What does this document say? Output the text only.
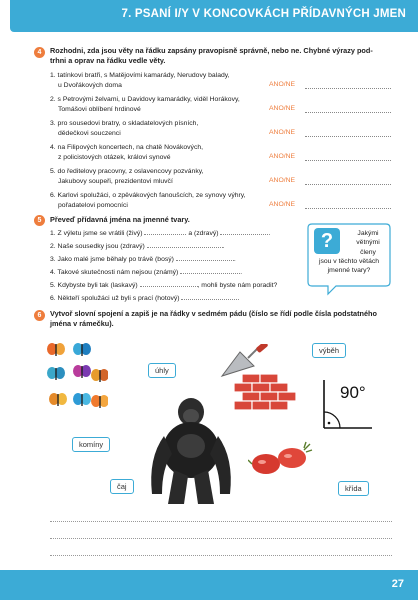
7. PSANÍ I/Y V KONCOVKÁCH PŘÍDAVNÝCH JMEN
4	Rozhodni, zda jsou věty na řádku zapsány pravopisně správně, nebo ne. Chybné výrazy pod-
trhni a oprav na řádku vedle věty.
1. tatínkovi bratři, s Matějovími kamarády, Nerudovy balady,
u Dvořákových doma	ANO/NE
2. s Petrovými želvami, u Davidovy kamarádky, viděl Horákovy,
Tomášovi oblíbení hrdinové	ANO/NE
3. pro sousedovi bratry, o skladatelových písních,
dědečkovi souczenci	ANO/NE
4. na Filipových koncertech, na chatě Novákových,
z policistových otázek, královi synové	ANO/NE
5. do ředitelovy pracovny, z oslavencovy pozvánky,
Jakubovy soupeři, prezidentovi mluvčí	ANO/NE
6. Karlovi spolužáci, o zpěvákových fanoušcích, ze synovy výhry,
pořadatelovi pomocníci	ANO/NE
5	Převeď přídavná jména na jmenné tvary.
1. Z výletu jsme se vrátili (živý)	a (zdravý)	.
2. Naše sousedky jsou (zdravý)	.
3. Jako malé jsme běhaly po trávě (bosý)	.
4. Takové skutečnosti nám nejsou (známý)	.
5. Kdybyste byli tak (laskavý)	, mohli byste nám poradit?
6. Někteří spolužáci už byli s prací (hotový)	.
?	Jakými
větnými
členy
jsou v těchto větách
jmenné tvary?
6	Vytvoř slovní spojení a zapiš je na řádky v sedmém pádu (číslo se řídí podle čísla podstatného
jména v rámečku).
úhly
výběh
komíny
čaj	křída
90°
27
